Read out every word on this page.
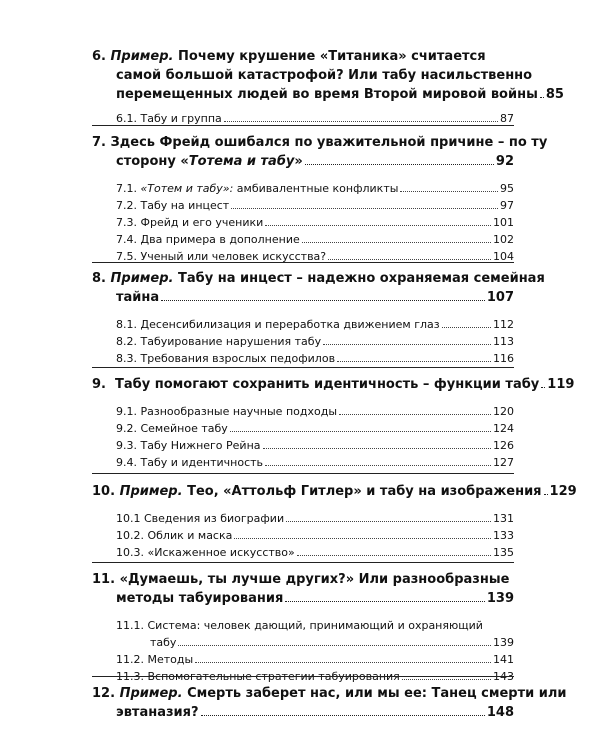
6. Пример. Почему крушение «Титаника» считается
самой большой катастрофой? Или табу насильственно
перемещенных людей во время Второй мировой войны 85
6.1. Табу и группа	87
7. Здесь Фрейд ошибался по уважительной причине – по ту
сторону «Тотема и табу»	92
7.1. «Тотем и табу»: амбивалентные конфликты	95
7.2. Табу на инцест	97
7.3. Фрейд и его ученики	101
7.4. Два примера в дополнение	102
7.5. Ученый или человек искусства?	104
8. Пример. Табу на инцест – надежно охраняемая семейная
тайна	107
8.1. Десенсибилизация и переработка движением глаз	112
8.2. Табуирование нарушения табу	113
8.3. Требования взрослых педофилов	116
9. Табу помогают сохранить идентичность – функции табу 119
9.1. Разнообразные научные подходы	120
9.2. Семейное табу	124
9.3. Табу Нижнего Рейна	126
9.4. Табу и идентичность	127
10. Пример. Тео, «Аттольф Гитлер» и табу на изображения 129
10.1 Сведения из биографии	131
10.2. Облик и маска	133
10.3. «Искаженное искусство»	135
11. «Думаешь, ты лучше других?» Или разнообразные
методы табуирования	139
11.1. Система: человек дающий, принимающий и охраняющий
табу	139
11.2. Методы	141
11.3. Вспомогательные стратегии табуирования	143
12. Пример. Смерть заберет нас, или мы ее: Танец смерти или
эвтаназия?	148
